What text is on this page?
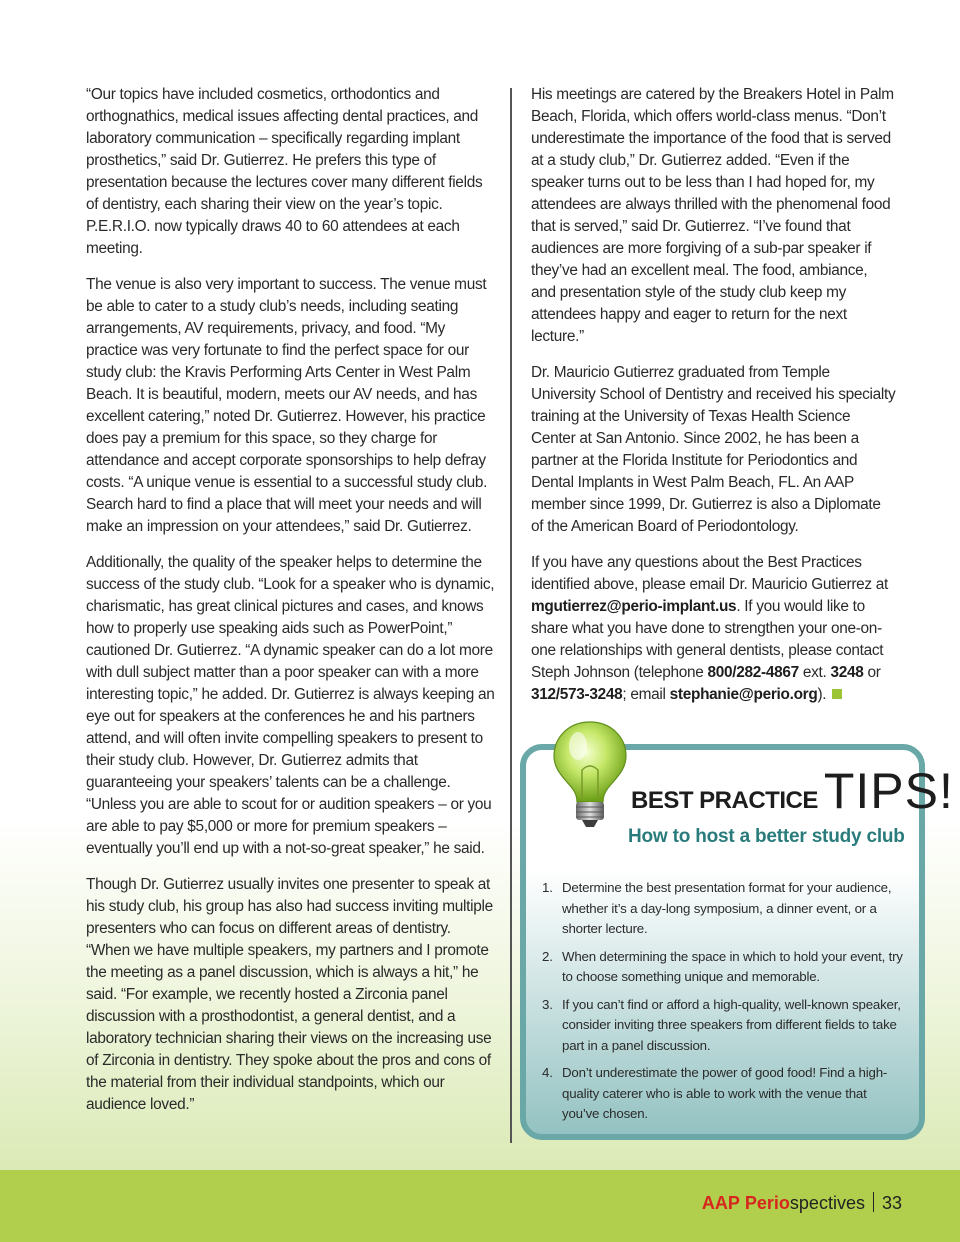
“Our topics have included cosmetics, orthodontics and orthognathics, medical issues affecting dental practices, and laboratory communication – specifically regarding implant prosthetics,” said Dr. Gutierrez. He prefers this type of presentation because the lectures cover many different fields of dentistry, each sharing their view on the year’s topic. P.E.R.I.O. now typically draws 40 to 60 attendees at each meeting.

The venue is also very important to success. The venue must be able to cater to a study club’s needs, including seating arrangements, AV requirements, privacy, and food. “My practice was very fortunate to find the perfect space for our study club: the Kravis Performing Arts Center in West Palm Beach. It is beautiful, modern, meets our AV needs, and has excellent catering,” noted Dr. Gutierrez. However, his practice does pay a premium for this space, so they charge for attendance and accept corporate sponsorships to help defray costs. “A unique venue is essential to a successful study club. Search hard to find a place that will meet your needs and will make an impression on your attendees,” said Dr. Gutierrez.

Additionally, the quality of the speaker helps to determine the success of the study club. “Look for a speaker who is dynamic, charismatic, has great clinical pictures and cases, and knows how to properly use speaking aids such as PowerPoint,” cautioned Dr. Gutierrez. “A dynamic speaker can do a lot more with dull subject matter than a poor speaker can with a more interesting topic,” he added. Dr. Gutierrez is always keeping an eye out for speakers at the conferences he and his partners attend, and will often invite compelling speakers to present to their study club. However, Dr. Gutierrez admits that guaranteeing your speakers’ talents can be a challenge. “Unless you are able to scout for or audition speakers – or you are able to pay $5,000 or more for premium speakers – eventually you’ll end up with a not-so-great speaker,” he said.

Though Dr. Gutierrez usually invites one presenter to speak at his study club, his group has also had success inviting multiple presenters who can focus on different areas of dentistry. “When we have multiple speakers, my partners and I promote the meeting as a panel discussion, which is always a hit,” he said. “For example, we recently hosted a Zirconia panel discussion with a prosthodontist, a general dentist, and a laboratory technician sharing their views on the increasing use of Zirconia in dentistry. They spoke about the pros and cons of the material from their individual standpoints, which our audience loved.”

His meetings are catered by the Breakers Hotel in Palm Beach, Florida, which offers world-class menus. “Don’t underestimate the importance of the food that is served at a study club,” Dr. Gutierrez added. “Even if the speaker turns out to be less than I had hoped for, my attendees are always thrilled with the phenomenal food that is served,” said Dr. Gutierrez. “I’ve found that audiences are more forgiving of a sub-par speaker if they’ve had an excellent meal. The food, ambiance, and presentation style of the study club keep my attendees happy and eager to return for the next lecture.”

Dr. Mauricio Gutierrez graduated from Temple University School of Dentistry and received his specialty training at the University of Texas Health Science Center at San Antonio. Since 2002, he has been a partner at the Florida Institute for Periodontics and Dental Implants in West Palm Beach, FL. An AAP member since 1999, Dr. Gutierrez is also a Diplomate of the American Board of Periodontology.

If you have any questions about the Best Practices identified above, please email Dr. Mauricio Gutierrez at mgutierrez@perio-implant.us. If you would like to share what you have done to strengthen your one-on-one relationships with general dentists, please contact Steph Johnson (telephone 800/282-4867 ext. 3248 or 312/573-3248; email stephanie@perio.org).

BEST PRACTICE TIPS!
How to host a better study club
1. Determine the best presentation format for your audience, whether it’s a day-long symposium, a dinner event, or a shorter lecture.
2. When determining the space in which to hold your event, try to choose something unique and memorable.
3. If you can’t find or afford a high-quality, well-known speaker, consider inviting three speakers from different fields to take part in a panel discussion.
4. Don’t underestimate the power of good food! Find a high-quality caterer who is able to work with the venue that you’ve chosen.
AAP Periospectives 33
